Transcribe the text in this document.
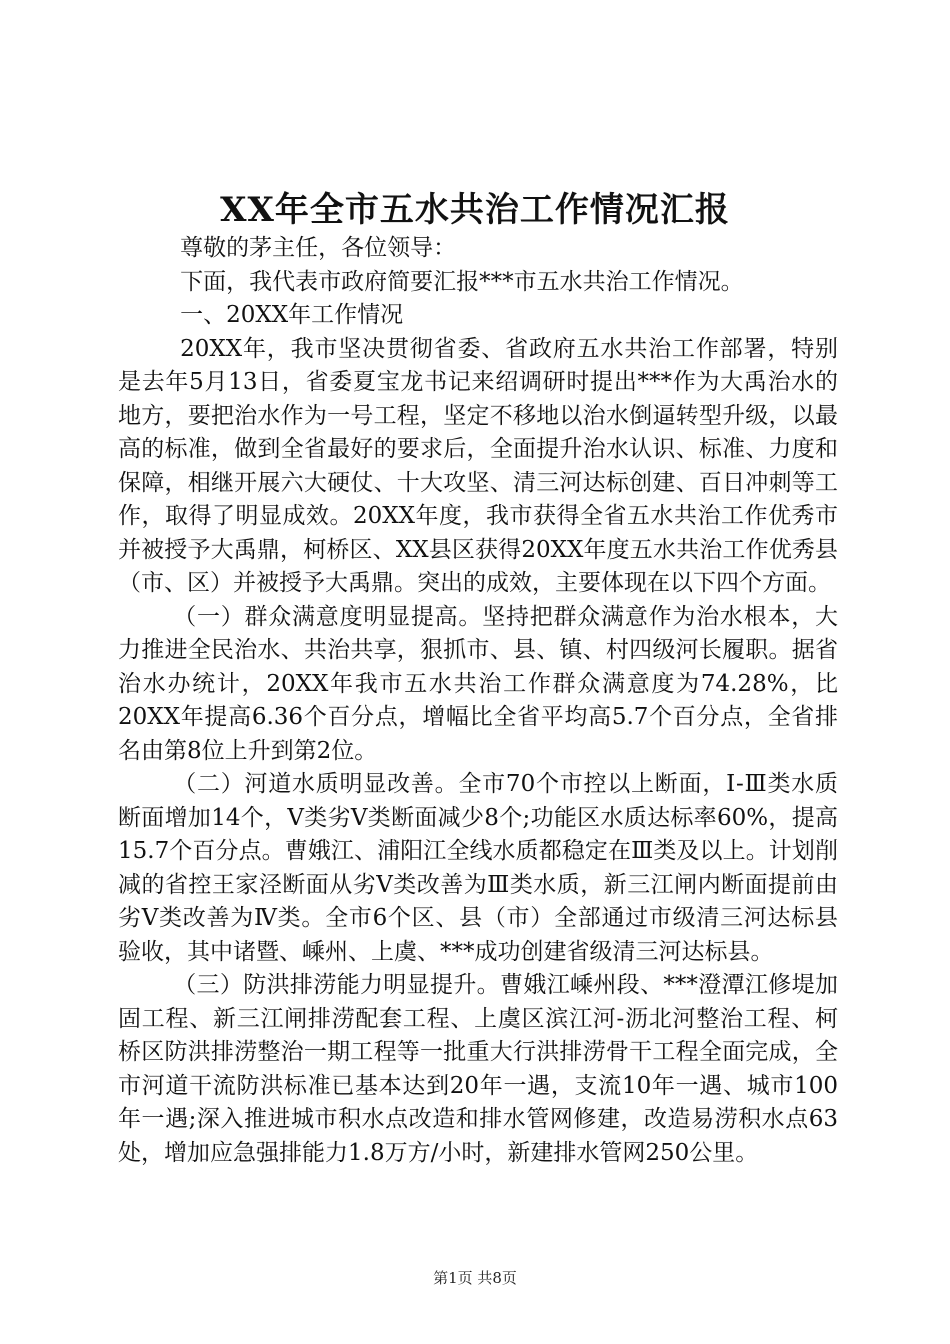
XX年全市五水共治工作情况汇报

尊敬的茅主任，各位领导：

下面，我代表市政府简要汇报***市五水共治工作情况。

一、20XX年工作情况

20XX年，我市坚决贯彻省委、省政府五水共治工作部署，特别是去年5月13日，省委夏宝龙书记来绍调研时提出***作为大禹治水的地方，要把治水作为一号工程，坚定不移地以治水倒逼转型升级，以最高的标准，做到全省最好的要求后，全面提升治水认识、标准、力度和保障，相继开展六大硬仗、十大攻坚、清三河达标创建、百日冲刺等工作，取得了明显成效。20XX年度，我市获得全省五水共治工作优秀市并被授予大禹鼎，柯桥区、XX县区获得20XX年度五水共治工作优秀县（市、区）并被授予大禹鼎。突出的成效，主要体现在以下四个方面。

（一）群众满意度明显提高。坚持把群众满意作为治水根本，大力推进全民治水、共治共享，狠抓市、县、镇、村四级河长履职。据省治水办统计，20XX年我市五水共治工作群众满意度为74.28%，比20XX年提高6.36个百分点，增幅比全省平均高5.7个百分点，全省排名由第8位上升到第2位。

（二）河道水质明显改善。全市70个市控以上断面，Ⅰ-Ⅲ类水质断面增加14个，Ⅴ类劣Ⅴ类断面减少8个;功能区水质达标率60%，提高15.7个百分点。曹娥江、浦阳江全线水质都稳定在Ⅲ类及以上。计划削减的省控王家泾断面从劣Ⅴ类改善为Ⅲ类水质，新三江闸内断面提前由劣Ⅴ类改善为Ⅳ类。全市6个区、县（市）全部通过市级清三河达标县验收，其中诸暨、嵊州、上虞、***成功创建省级清三河达标县。

（三）防洪排涝能力明显提升。曹娥江嵊州段、***澄潭江修堤加固工程、新三江闸排涝配套工程、上虞区滨江河-沥北河整治工程、柯桥区防洪排涝整治一期工程等一批重大行洪排涝骨干工程全面完成，全市河道干流防洪标准已基本达到20年一遇，支流10年一遇、城市100年一遇;深入推进城市积水点改造和排水管网修建，改造易涝积水点63处，增加应急强排能力1.8万方/小时，新建排水管网250公里。

第1页 共8页
